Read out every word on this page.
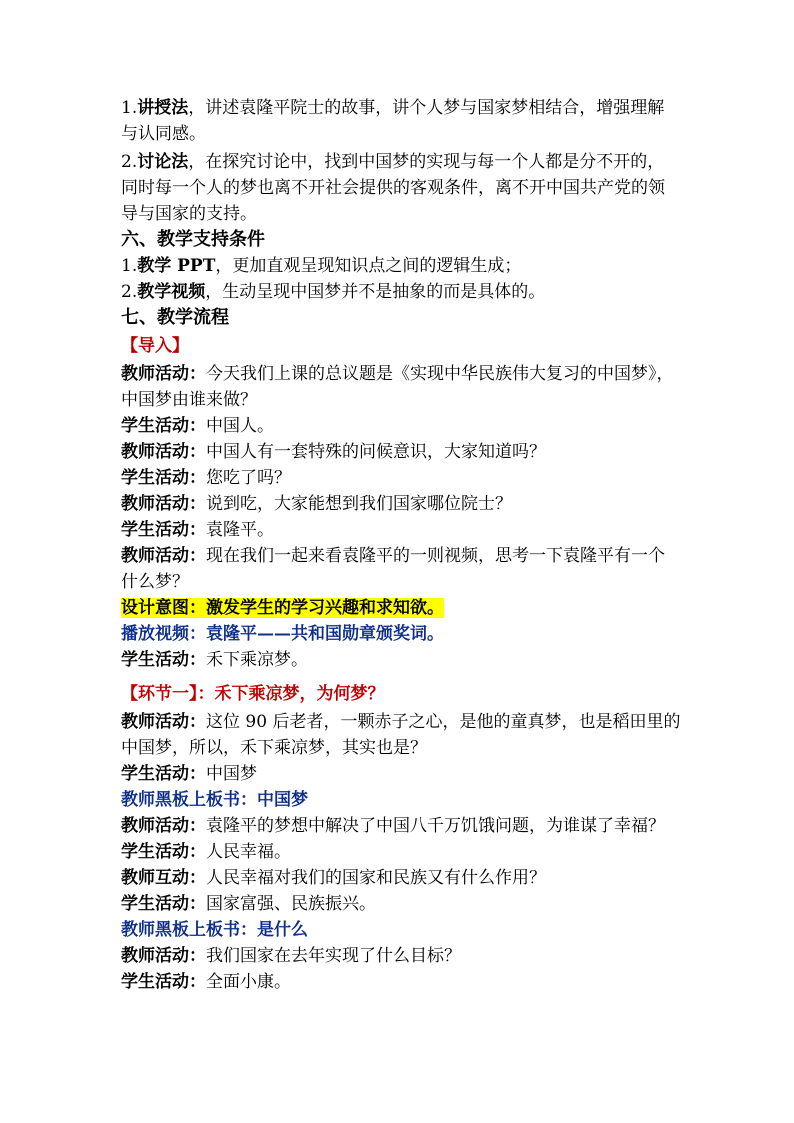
1.讲授法，讲述袁隆平院士的故事，讲个人梦与国家梦相结合，增强理解与认同感。

2.讨论法，在探究讨论中，找到中国梦的实现与每一个人都是分不开的，同时每一个人的梦也离不开社会提供的客观条件，离不开中国共产党的领导与国家的支持。

六、教学支持条件

1.教学 PPT，更加直观呈现知识点之间的逻辑生成；

2.教学视频，生动呈现中国梦并不是抽象的而是具体的。

七、教学流程

【导入】

教师活动：今天我们上课的总议题是《实现中华民族伟大复习的中国梦》，中国梦由谁来做？

学生活动：中国人。

教师活动：中国人有一套特殊的问候意识，大家知道吗？

学生活动：您吃了吗？

教师活动：说到吃，大家能想到我们国家哪位院士？

学生活动：袁隆平。

教师活动：现在我们一起来看袁隆平的一则视频，思考一下袁隆平有一个什么梦？

设计意图：激发学生的学习兴趣和求知欲。

播放视频：袁隆平——共和国勋章颁奖词。

学生活动：禾下乘凉梦。

【环节一】：禾下乘凉梦，为何梦？

教师活动：这位 90 后老者，一颗赤子之心，是他的童真梦，也是稻田里的中国梦，所以，禾下乘凉梦，其实也是？

学生活动：中国梦

教师黑板上板书：中国梦

教师活动：袁隆平的梦想中解决了中国八千万饥饿问题，为谁谋了幸福？

学生活动：人民幸福。

教师互动：人民幸福对我们的国家和民族又有什么作用？

学生活动：国家富强、民族振兴。

教师黑板上板书：是什么

教师活动：我们国家在去年实现了什么目标？

学生活动：全面小康。
